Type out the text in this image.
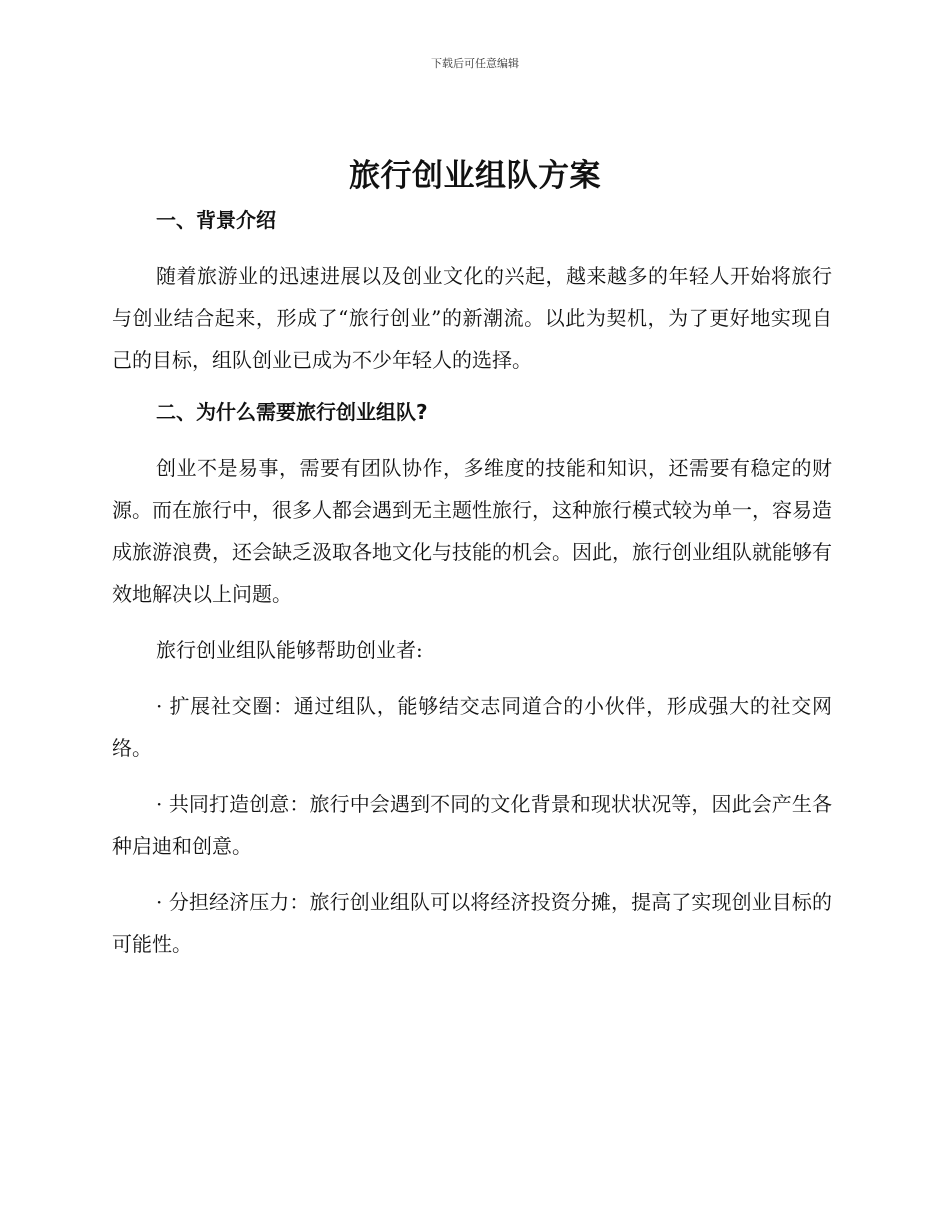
下载后可任意编辑
旅行创业组队方案
一、背景介绍

随着旅游业的迅速进展以及创业文化的兴起，越来越多的年轻人开始将旅行与创业结合起来，形成了“旅行创业”的新潮流。以此为契机，为了更好地实现自己的目标，组队创业已成为不少年轻人的选择。

二、为什么需要旅行创业组队?

创业不是易事，需要有团队协作，多维度的技能和知识，还需要有稳定的财源。而在旅行中，很多人都会遇到无主题性旅行，这种旅行模式较为单一，容易造成旅游浪费，还会缺乏汲取各地文化与技能的机会。因此，旅行创业组队就能够有效地解决以上问题。

旅行创业组队能够帮助创业者:

· 扩展社交圈：通过组队，能够结交志同道合的小伙伴，形成强大的社交网络。

· 共同打造创意：旅行中会遇到不同的文化背景和现状状况等，因此会产生各种启迪和创意。

· 分担经济压力：旅行创业组队可以将经济投资分摊，提高了实现创业目标的可能性。
